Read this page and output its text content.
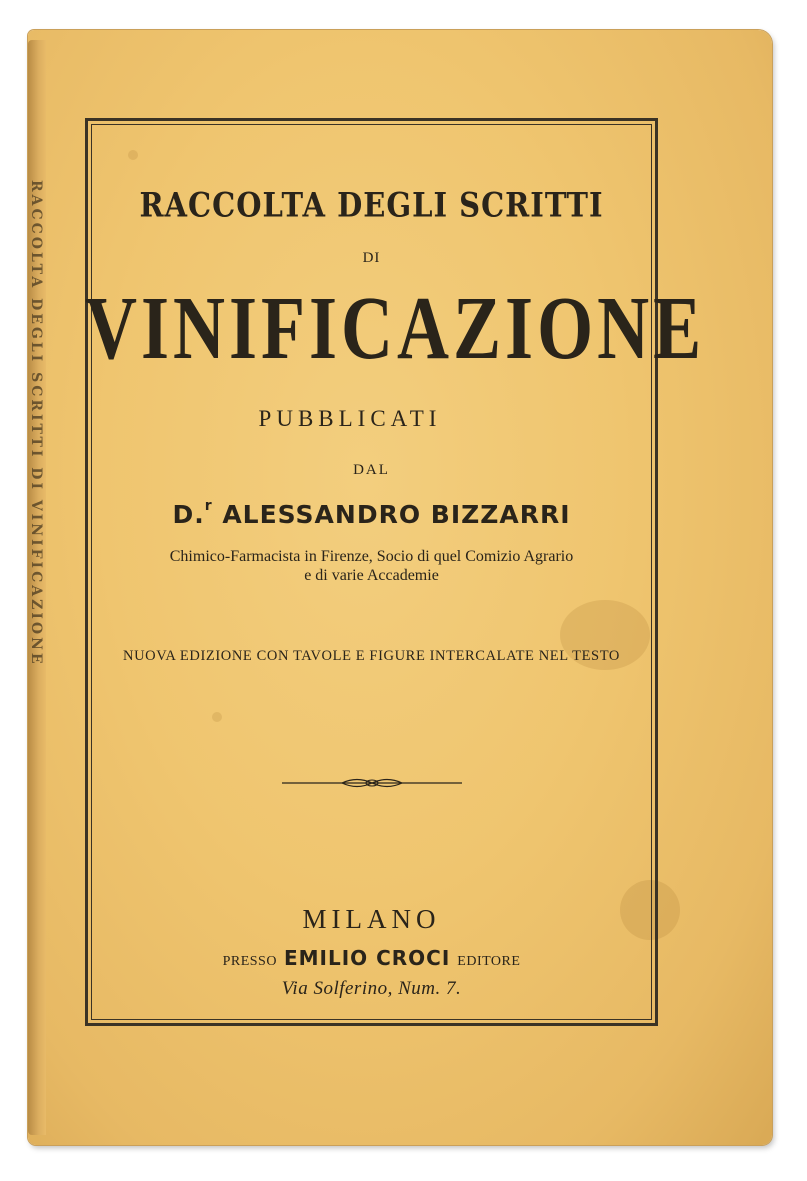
RACCOLTA DEGLI SCRITTI DI VINIFICAZIONE	RACCOLTA DEGLI SCRITTI
DI
VINIFICAZIONE
PUBBLICATI
DAL
D.$^r$ ALESSANDRO BIZZARRI
Chimico-Farmacista in Firenze, Socio di quel Comizio Agrario
e di varie Accademie
NUOVA EDIZIONE CON TAVOLE E FIGURE INTERCALATE NEL TESTO
MILANO
PRESSO EMILIO CROCI EDITORE
Via Solferino, Num. 7.
